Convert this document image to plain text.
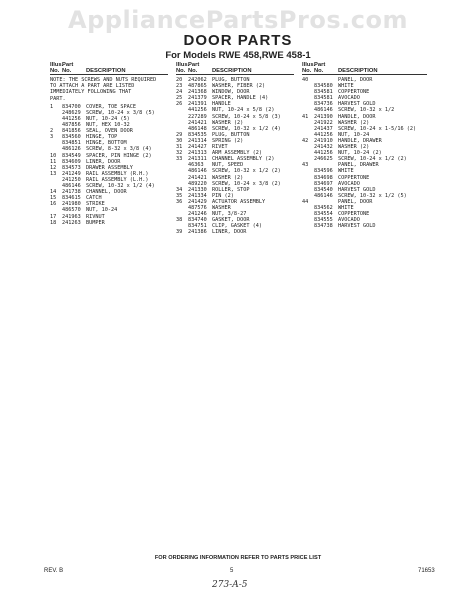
AppliancePartsPros.com
DOOR PARTS
For Models RWE 458,RWE 458-1
Illus.
No.
Part
No.	DESCRIPTION
NOTE: THE SCREWS AND NUTS REQUIRED
TO ATTACH A PART ARE LISTED
IMMEDIATELY FOLLOWING THAT
PART.
1	834700	COVER, TOE SPACE
248629	SCREW, 10-24 x 3/8 (5)
441256	NUT, 10-24 (5)
487856	NUT, HEX 10-32
2	841856	SEAL, OVEN DOOR
3	834560	HINGE, TOP
834851	HINGE, BOTTOM
486126	SCREW, 8-32 x 3/8 (4)
10	834549	SPACER, PIN HINGE (2)
11	834609	LINER, DOOR
12	834573	DRAWER ASSEMBLY
13	241249	RAIL ASSEMBLY (R.H.)
241250	RAIL ASSEMBLY (L.H.)
486146	SCREW, 10-32 x 1/2 (4)
14	241738	CHANNEL, DOOR
15	834615	CATCH
16	241980	STRIKE
486570	NUT, 10-24
17	241963	RIVNUT
18	241263	BUMPER
Illus.
No.
Part
No.	DESCRIPTION
20	242062	PLUG, BUTTON
23	487865	WASHER, FIBER (2)
24	241368	WINDOW, DOOR
25	241379	SPACER, HANDLE (4)
26	241391	HANDLE
441256	NUT, 10-24 x 5/8 (2)
227289	SCREW, 10-24 x 5/8 (3)
241421	WASHER (2)
486148	SCREW, 10-32 x 1/2 (4)
29	834535	PLUG, BUTTON
30	241314	SPRING (2)
31	241427	RIVET
32	241313	ARM ASSEMBLY (2)
33	241311	CHANNEL ASSEMBLY (2)
46363	NUT, SPEED
486146	SCREW, 10-32 x 1/2 (2)
241421	WASHER (2)
489220	SCREW, 10-24 x 3/8 (2)
34	241330	ROLLER, STOP
35	241334	PIN (2)
36	241429	ACTUATOR ASSEMBLY
487576	WASHER
241246	NUT, 3/8-27
38	834740	GASKET, DOOR
834751	CLIP, GASKET (4)
39	241386	LINER, DOOR
Illus.
No.
Part
No.	DESCRIPTION
40	PANEL, DOOR
834580	WHITE
834581	COPPERTONE
834581	AVOCADO
834736	HARVEST GOLD
486146	SCREW, 10-32 x 1/2
41	241390	HANDLE, DOOR
241922	WASHER (2)
241437	SCREW, 10-24 x 1-5/16 (2)
441256	NUT, 10-24
42	241910	HANDLE, DRAWER
241432	WASHER (2)
441256	NUT, 10-24 (2)
246625	SCREW, 10-24 x 1/2 (2)
43	PANEL, DRAWER
834596	WHITE
834698	COPPERTONE
834697	AVOCADO
834540	HARVEST GOLD
486146	SCREW, 10-32 x 1/2 (5)
44	PANEL, DOOR
834562	WHITE
834554	COPPERTONE
834555	AVOCADO
834738	HARVEST GOLD
FOR ORDERING INFORMATION REFER TO PARTS PRICE LIST
REV. B	5	71653
273-A-5
